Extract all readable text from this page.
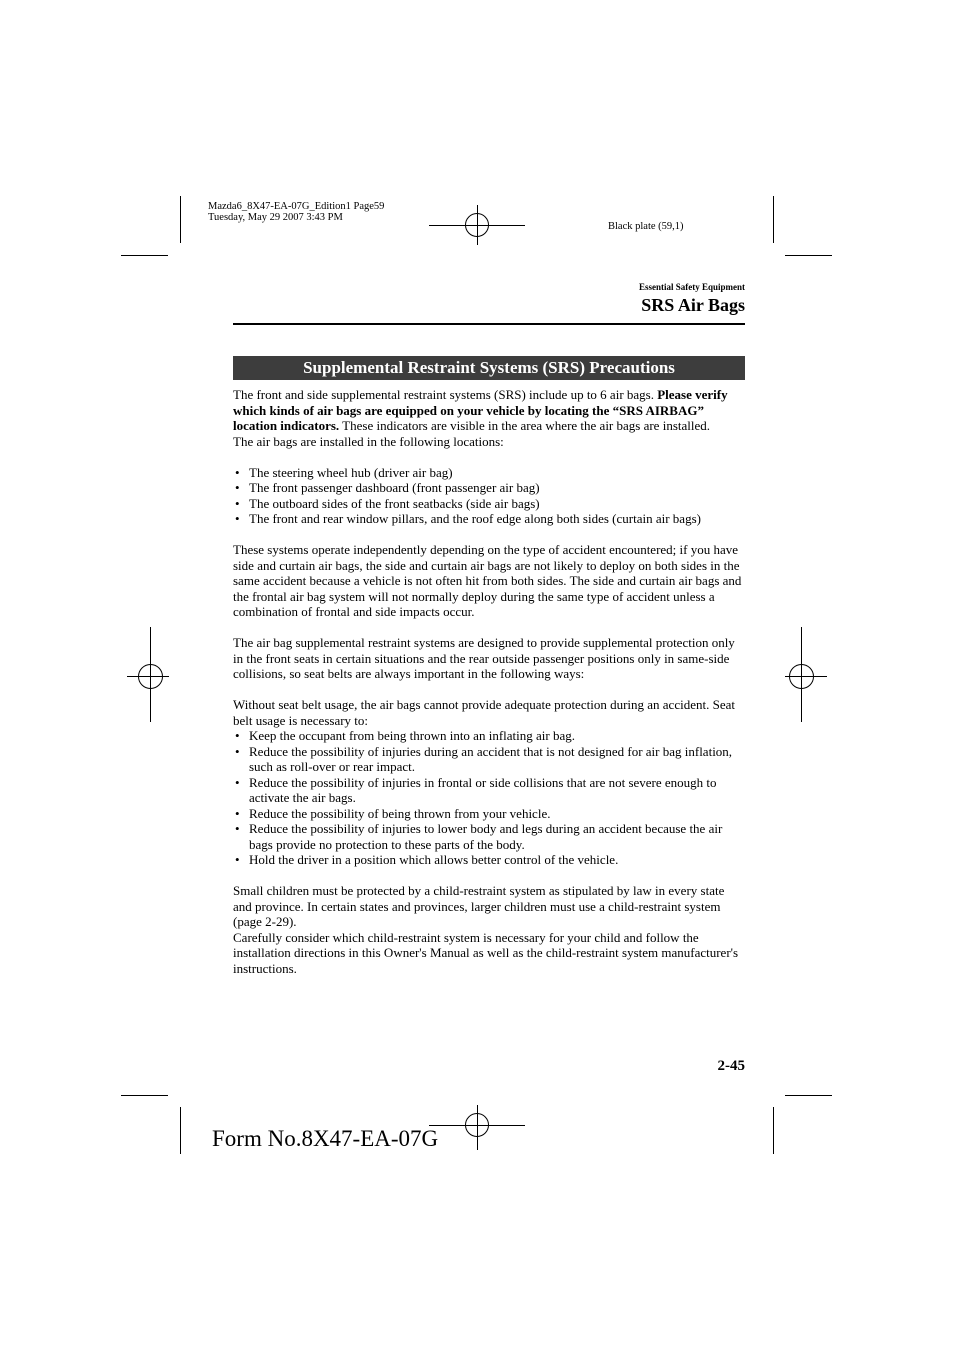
Mazda6_8X47-EA-07G_Edition1 Page59
Tuesday, May 29 2007 3:43 PM
Black plate (59,1)
Essential Safety Equipment
SRS Air Bags
Supplemental Restraint Systems (SRS) Precautions

The front and side supplemental restraint systems (SRS) include up to 6 air bags. Please verify which kinds of air bags are equipped on your vehicle by locating the “SRS AIRBAG” location indicators. These indicators are visible in the area where the air bags are installed.

The air bags are installed in the following locations:

• The steering wheel hub (driver air bag)
• The front passenger dashboard (front passenger air bag)
• The outboard sides of the front seatbacks (side air bags)
• The front and rear window pillars, and the roof edge along both sides (curtain air bags)

These systems operate independently depending on the type of accident encountered; if you have side and curtain air bags, the side and curtain air bags are not likely to deploy on both sides in the same accident because a vehicle is not often hit from both sides. The side and curtain air bags and the frontal air bag system will not normally deploy during the same type of accident unless a combination of frontal and side impacts occur.

The air bag supplemental restraint systems are designed to provide supplemental protection only in the front seats in certain situations and the rear outside passenger positions only in same-side collisions, so seat belts are always important in the following ways:

Without seat belt usage, the air bags cannot provide adequate protection during an accident. Seat belt usage is necessary to:

• Keep the occupant from being thrown into an inflating air bag.
• Reduce the possibility of injuries during an accident that is not designed for air bag inflation, such as roll-over or rear impact.
• Reduce the possibility of injuries in frontal or side collisions that are not severe enough to activate the air bags.
• Reduce the possibility of being thrown from your vehicle.
• Reduce the possibility of injuries to lower body and legs during an accident because the air bags provide no protection to these parts of the body.
• Hold the driver in a position which allows better control of the vehicle.

Small children must be protected by a child-restraint system as stipulated by law in every state and province. In certain states and provinces, larger children must use a child-restraint system (page 2-29).

Carefully consider which child-restraint system is necessary for your child and follow the installation directions in this Owner's Manual as well as the child-restraint system manufacturer's instructions.

2-45
Form No.8X47-EA-07G
